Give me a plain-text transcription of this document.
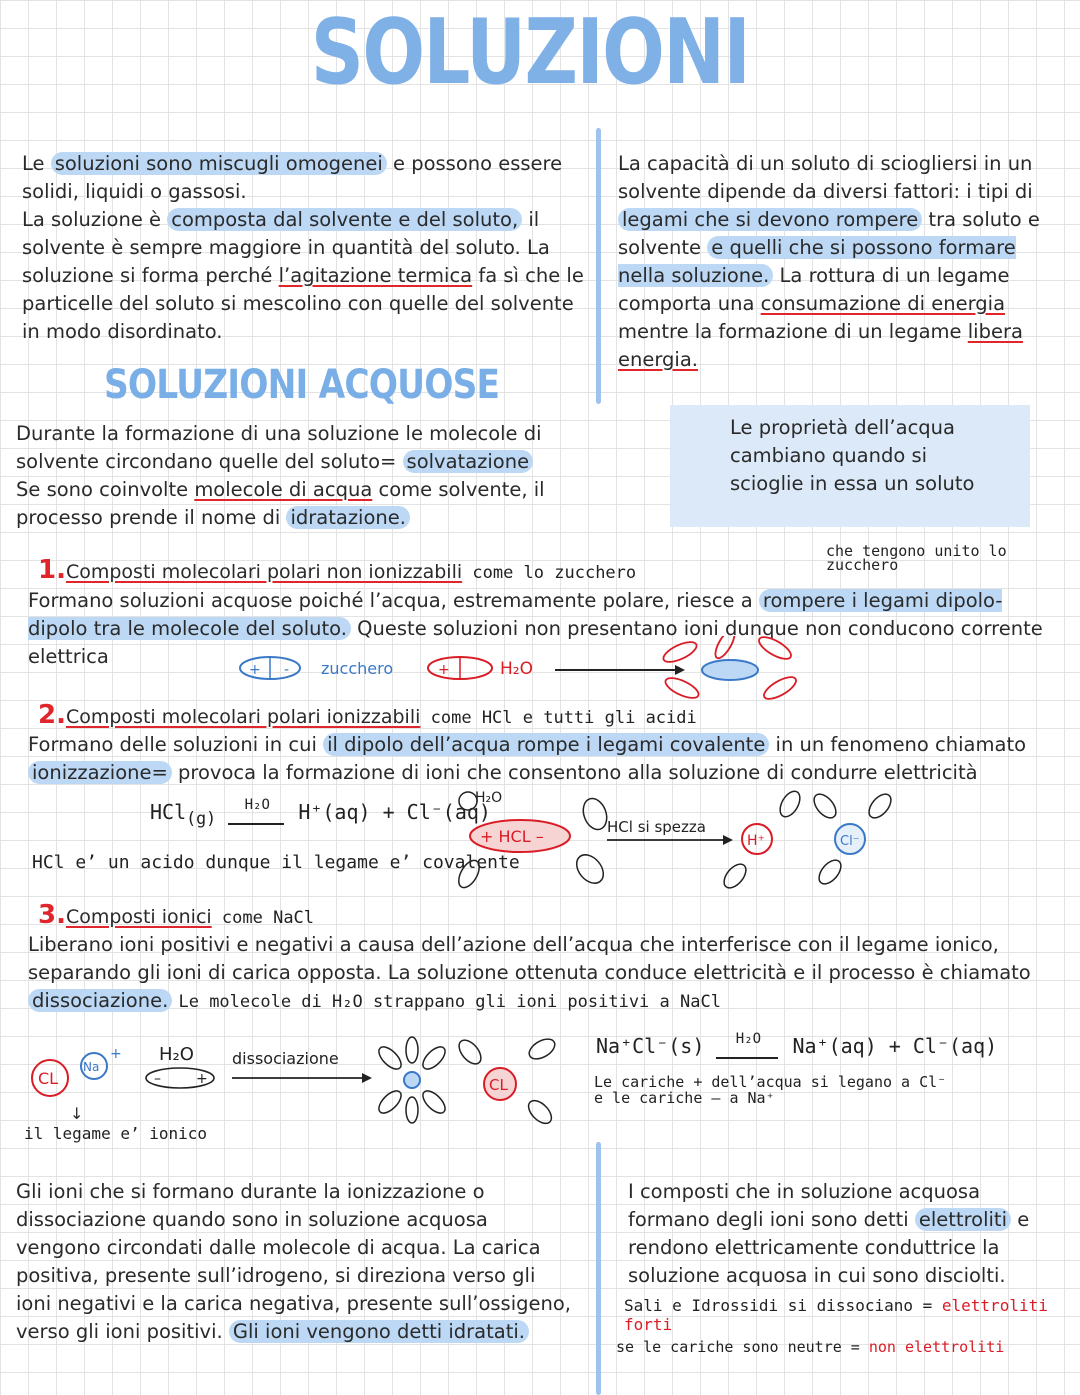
SOLUZIONI
Le soluzioni sono miscugli omogenei e possono essere solidi, liquidi o gassosi.
La soluzione è composta dal solvente e del soluto, il solvente è sempre maggiore in quantità del soluto. La soluzione si forma perché l’agitazione termica fa sì che le particelle del soluto si mescolino con quelle del solvente in modo disordinato.
La capacità di un soluto di sciogliersi in un solvente dipende da diversi fattori: i tipi di legami che si devono rompere tra soluto e solvente e quelli che si possono formare nella soluzione. La rottura di un legame comporta una consumazione di energia mentre la formazione di un legame libera energia.
SOLUZIONI ACQUOSE
Durante la formazione di una soluzione le molecole di solvente circondano quelle del soluto= solvatazione
Se sono coinvolte molecole di acqua come solvente, il processo prende il nome di idratazione.
Le proprietà dell’acqua cambiano quando si scioglie in essa un soluto
1.Composti molecolari polari non ionizzabili come lo zucchero
che tengono unito lo zucchero
Formano soluzioni acquose poiché l’acqua, estremamente polare, riesce a rompere i legami dipolo-dipolo tra le molecole del soluto. Queste soluzioni non presentano ioni dunque non conducono corrente elettrica
+ - zucchero	+	H₂O
2.Composti molecolari polari ionizzabili come HCl e tutti gli acidi
Formano delle soluzioni in cui il dipolo dell’acqua rompe i legami covalente in un fenomeno chiamato ionizzazione= provoca la formazione di ioni che consentono alla soluzione di condurre elettricità
HCl$_{(g)}$ H₂O H⁺(aq) + Cl⁻(aq)
HCl e’ un acido dunque il legame e’ covalente
H₂O
+ HCL –	HCl si spezza
H⁺	Cl⁻
3.Composti ionici come NaCl
Liberano ioni positivi e negativi a causa dell’azione dell’acqua che interferisce con il legame ionico, separando gli ioni di carica opposta. La soluzione ottenuta conduce elettricità e il processo è chiamato dissociazione. Le molecole di H₂O strappano gli ioni positivi a NaCl
CL
Na
+ H₂O
–	+
dissociazione
CL
il legame e’ ionico
↓
Na⁺Cl⁻(s) H₂O Na⁺(aq) + Cl⁻(aq)
Le cariche + dell’acqua si legano a Cl⁻
e le cariche – a Na⁺
Gli ioni che si formano durante la ionizzazione o dissociazione quando sono in soluzione acquosa vengono circondati dalle molecole di acqua. La carica positiva, presente sull’idrogeno, si direziona verso gli ioni negativi e la carica negativa, presente sull’ossigeno, verso gli ioni positivi. Gli ioni vengono detti idratati.
I composti che in soluzione acquosa formano degli ioni sono detti elettroliti e rendono elettricamente conduttrice la soluzione acquosa in cui sono disciolti.
Sali e Idrossidi si dissociano = elettroliti forti
se le cariche sono neutre = non elettroliti
